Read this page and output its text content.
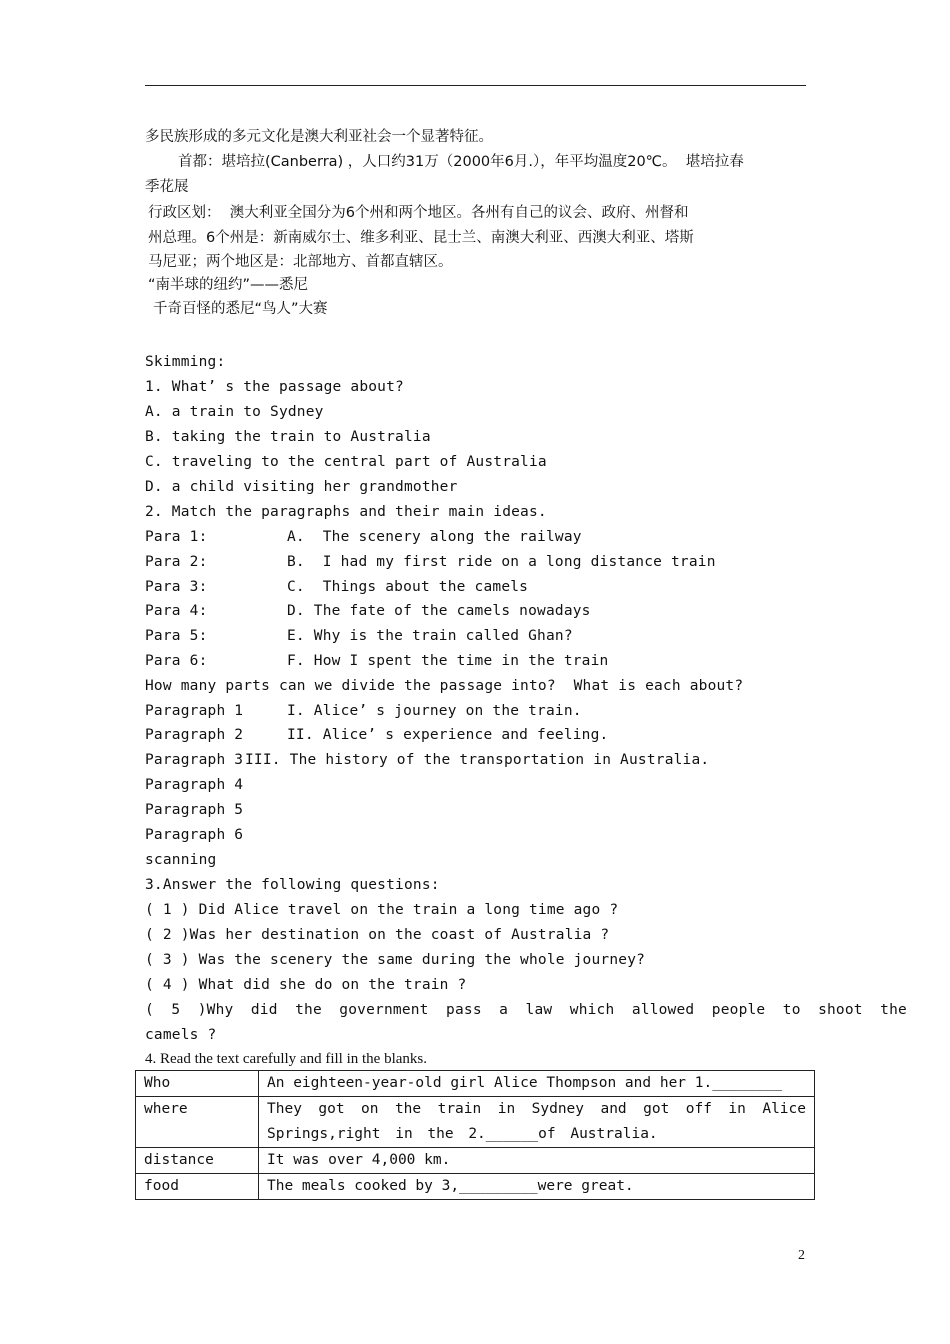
多民族形成的多元文化是澳大利亚社会一个显著特征。
首都：堪培拉(Canberra) ，人口约31万（2000年6月.），年平均温度20℃。  堪培拉春
季花展
行政区划：  澳大利亚全国分为6个州和两个地区。各州有自己的议会、政府、州督和
州总理。6个州是：新南威尔士、维多利亚、昆士兰、南澳大利亚、西澳大利亚、塔斯
马尼亚；两个地区是：北部地方、首都直辖区。
“南半球的纽约”——悉尼
千奇百怪的悉尼“鸟人”大赛
Skimming:
1. What’ s the passage about?
A. a train to Sydney
B. taking the train to Australia
C. traveling to the central part of Australia
D. a child visiting her grandmother
2. Match the paragraphs and their main ideas.
Para 1:	A.  The scenery along the railway
Para 2:	B.  I had my first ride on a long distance train
Para 3:	C.  Things about the camels
Para 4:	D. The fate of the camels nowadays
Para 5:	E. Why is the train called Ghan?
Para 6:	F. How I spent the time in the train
How many parts can we divide the passage into?  What is each about?
Paragraph 1	I. Alice’ s journey on the train.
Paragraph 2	II. Alice’ s experience and feeling.
Paragraph 3 III. The history of the transportation in Australia.
Paragraph 4
Paragraph 5
Paragraph 6
scanning
3.Answer the following questions:
( 1 ) Did Alice travel on the train a long time ago ?
( 2 )Was her destination on the coast of Australia ?
( 3 ) Was the scenery the same during the whole journey?
( 4 ) What did she do on the train ?
( 5 )Why did the government pass a law which allowed people to shoot the
camels ?
4. Read the text carefully and fill in the blanks.
Who	An eighteen-year-old girl Alice Thompson and her 1.________
where	They got on the train in Sydney and got off in Alice Springs,right in the 2.______of Australia.
distance	It was over 4,000 km.
food	The meals cooked by 3,_________were great.
2
